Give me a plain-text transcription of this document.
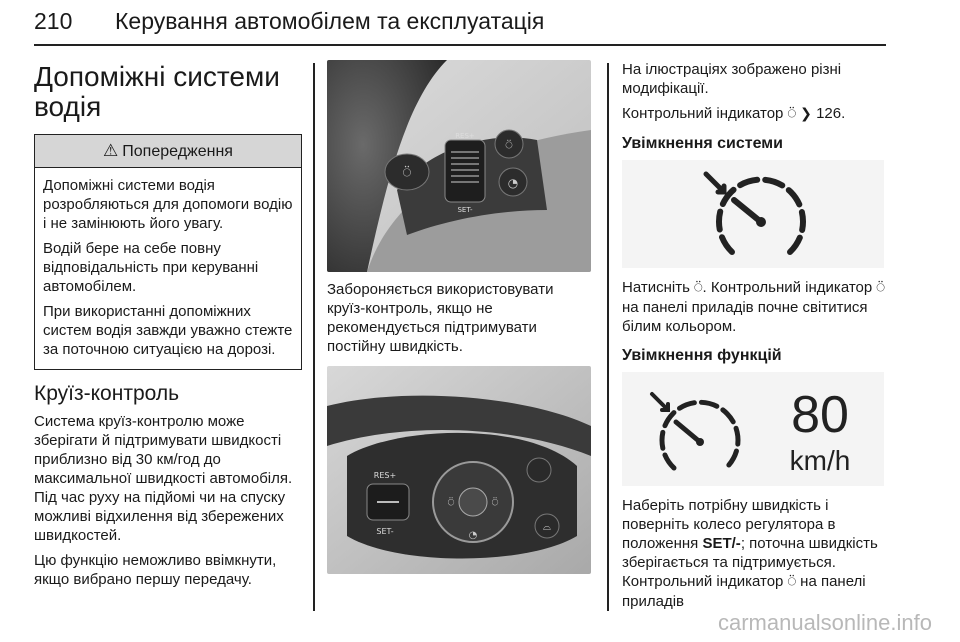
210 Керування автомобілем та експлуатація
Допоміжні системи
водія
⚠ Попередження

Допоміжні системи водія розробляються для допомоги водію і не замінюють його увагу.

Водій бере на себе повну відповідальність при керуванні автомобілем.

При використанні допоміжних систем водія завжди уважно стежте за поточною ситуацією на дорозі.

Круїз-контроль

Система круїз-контролю може зберігати й підтримувати швидкості приблизно від 30 км/год до максимальної швидкості автомобіля. Під час руху на підйомі чи на спуску можливі відхилення від збережених швидкостей.

Цю функцію неможливо ввімкнути, якщо вибрано першу передачу.

⍥
RES+
SET-
⍥
◔

Забороняється використовувати круїз-контроль, якщо не рекомендується підтримувати постійну швидкість.

RES+
SET-
⍥	⍥
◔
⌓

На ілюстраціях зображено різні модифікації.

Контрольний індикатор ⍥ ❯ 126.

Увімкнення системи

Натисніть ⍥. Контрольний індикатор ⍥ на панелі приладів почне світитися білим кольором.

Увімкнення функцій
80
km/h

Наберіть потрібну швидкість і поверніть колесо регулятора в положення SET/-; поточна швидкість зберігається та підтримується. Контрольний індикатор ⍥ на панелі приладів

carmanualsonline.info
